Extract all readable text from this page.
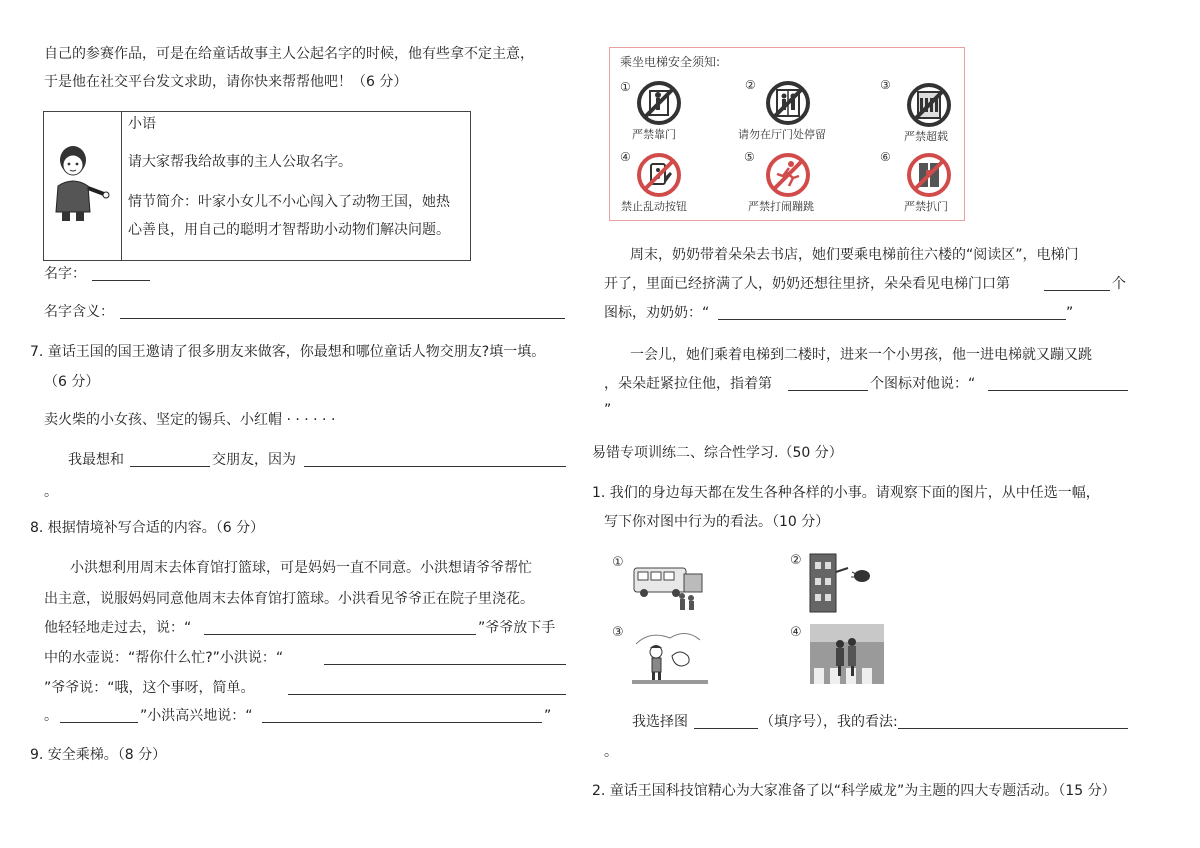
自己的参赛作品，可是在给童话故事主人公起名字的时候，他有些拿不定主意，
于是他在社交平台发文求助，请你快来帮帮他吧！（6 分）
小语
请大家帮我给故事的主人公取名字。
情节简介：叶家小女儿不小心闯入了动物王国，她热
心善良，用自己的聪明才智帮助小动物们解决问题。
名字：
名字含义：
7. 童话王国的国王邀请了很多朋友来做客，你最想和哪位童话人物交朋友?填一填。
（6 分）
卖火柴的小女孩、坚定的锡兵、小红帽 · · · · · ·
我最想和	交朋友，因为
。
8. 根据情境补写合适的内容。（6 分）
小洪想利用周末去体育馆打篮球，可是妈妈一直不同意。小洪想请爷爷帮忙
出主意，说服妈妈同意他周末去体育馆打篮球。小洪看见爷爷正在院子里浇花。
他轻轻地走过去，说：“	”爷爷放下手
中的水壶说：“帮你什么忙?”小洪说：“
”爷爷说：“哦，这个事呀，简单。
。	”小洪高兴地说：“	”
9. 安全乘梯。（8 分）
乘坐电梯安全须知:
①
严禁靠门
②
请勿在厅门处停留
③
严禁超载
④
禁止乱动按钮
⑤
严禁打闹蹦跳
⑥
严禁扒门
周末，奶奶带着朵朵去书店，她们要乘电梯前往六楼的“阅读区”，电梯门
开了，里面已经挤满了人，奶奶还想往里挤，朵朵看见电梯门口第	个
图标，劝奶奶：“	”
一会儿，她们乘着电梯到二楼时，进来一个小男孩，他一进电梯就又蹦又跳
，朵朵赶紧拉住他，指着第	个图标对他说：“
”
易错专项训练二、综合性学习.（50 分）
1. 我们的身边每天都在发生各种各样的小事。请观察下面的图片，从中任选一幅，
写下你对图中行为的看法。（10 分）
①	②
③	④
我选择图	（填序号），我的看法:
。
2. 童话王国科技馆精心为大家准备了以“科学威龙”为主题的四大专题活动。（15 分）
